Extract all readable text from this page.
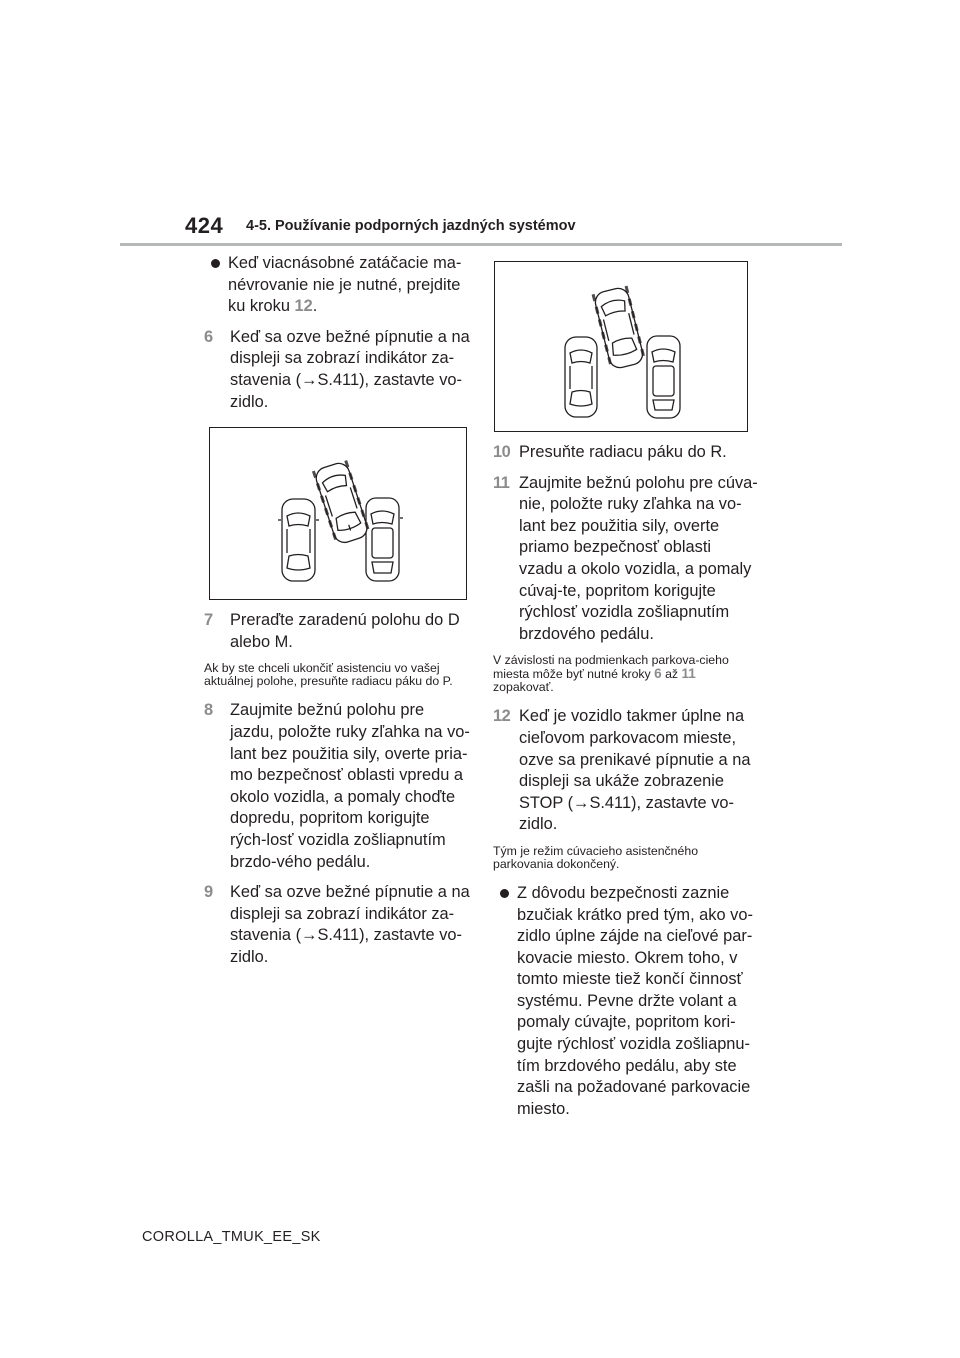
424 4-5. Používanie podporných jazdných systémov
Keď viacnásobné zatáčacie ma-névrovanie nie je nutné, prejdite ku kroku 12.
6 Keď sa ozve bežné pípnutie a na displeji sa zobrazí indikátor za-stavenia (→S.411), zastavte vo-zidlo.
7 Preraďte zaradenú polohu do D alebo M.
Ak by ste chceli ukončiť asistenciu vo vašej aktuálnej polohe, presuňte radiacu páku do P.
8 Zaujmite bežnú polohu pre jazdu, položte ruky zľahka na vo-lant bez použitia sily, overte pria-mo bezpečnosť oblasti vpredu a okolo vozidla, a pomaly choďte dopredu, popritom korigujte rých-losť vozidla zošliapnutím brzdo-vého pedálu.
9 Keď sa ozve bežné pípnutie a na displeji sa zobrazí indikátor za-stavenia (→S.411), zastavte vo-zidlo.
10 Presuňte radiacu páku do R.
11 Zaujmite bežnú polohu pre cúva-nie, položte ruky zľahka na vo-lant bez použitia sily, overte priamo bezpečnosť oblasti vzadu a okolo vozidla, a pomaly cúvaj-te, popritom korigujte rýchlosť vozidla zošliapnutím brzdového pedálu.
V závislosti na podmienkach parkova-cieho miesta môže byť nutné kroky 6 až 11 zopakovať.
12 Keď je vozidlo takmer úplne na cieľovom parkovacom mieste, ozve sa prenikavé pípnutie a na displeji sa ukáže zobrazenie STOP (→S.411), zastavte vo-zidlo.
Tým je režim cúvacieho asistenčného parkovania dokončený.
Z dôvodu bezpečnosti zaznie bzučiak krátko pred tým, ako vo-zidlo úplne zájde na cieľové par-kovacie miesto. Okrem toho, v tomto mieste tiež končí činnosť systému. Pevne držte volant a pomaly cúvajte, popritom kori-gujte rýchlosť vozidla zošliapnu-tím brzdového pedálu, aby ste zašli na požadované parkovacie miesto.
COROLLA_TMUK_EE_SK
